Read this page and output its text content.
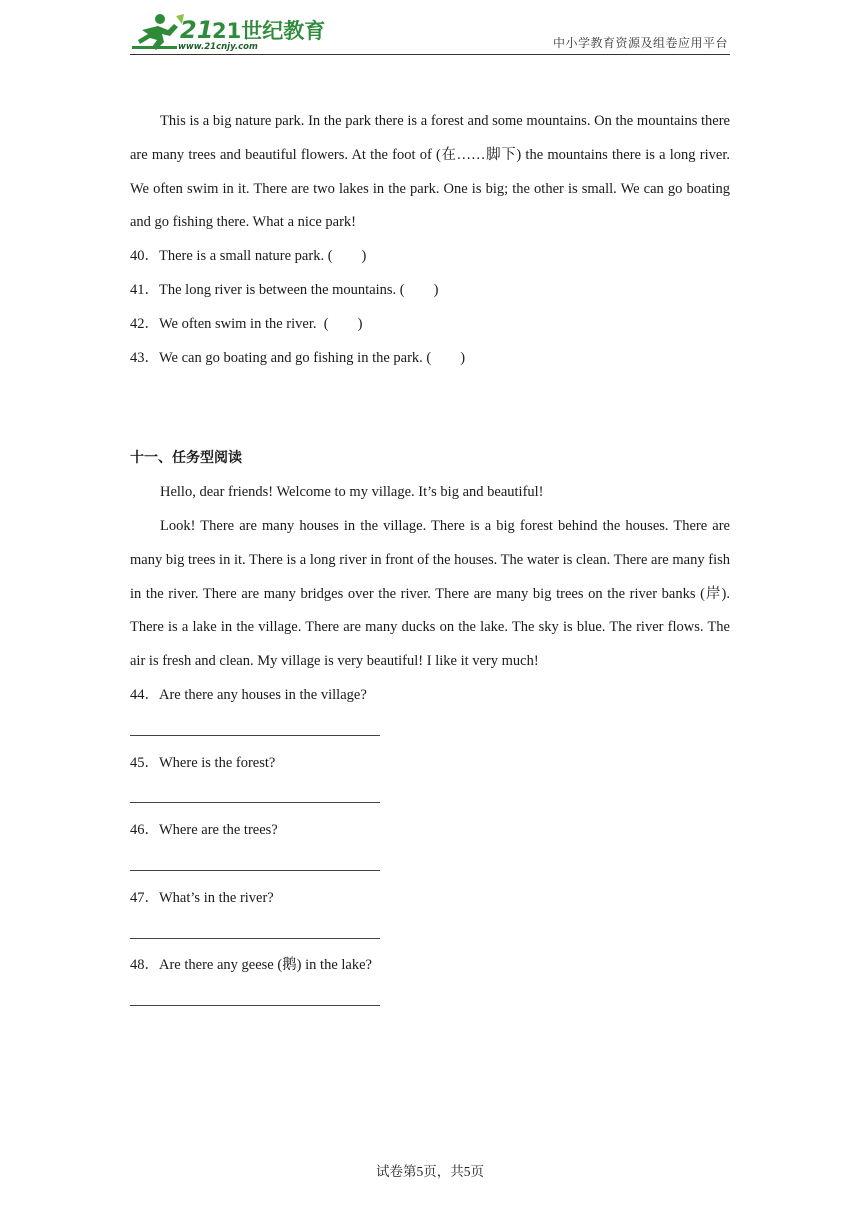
21
21世纪教育
www.21cnjy.com	中小学教育资源及组卷应用平台

This is a big nature park. In the park there is a forest and some mountains. On the mountains there are many trees and beautiful flowers. At the foot of (在……脚下) the mountains there is a long river. We often swim in it. There are two lakes in the park. One is big; the other is small. We can go boating and go fishing there. What a nice park!

40．There is a small nature park. (        )

41．The long river is between the mountains. (        )

42．We often swim in the river.  (        )

43．We can go boating and go fishing in the park. (        )

十一、任务型阅读

Hello, dear friends! Welcome to my village. It’s big and beautiful!

Look! There are many houses in the village. There is a big forest behind the houses. There are many big trees in it. There is a long river in front of the houses. The water is clean. There are many fish in the river. There are many bridges over the river. There are many big trees on the river banks (岸). There is a lake in the village. There are many ducks on the lake. The sky is blue. The river flows. The air is fresh and clean. My village is very beautiful! I like it very much!

44．Are there any houses in the village?

45．Where is the forest?

46．Where are the trees?

47．What’s in the river?

48．Are there any geese (鹅) in the lake?

试卷第5页，共5页
